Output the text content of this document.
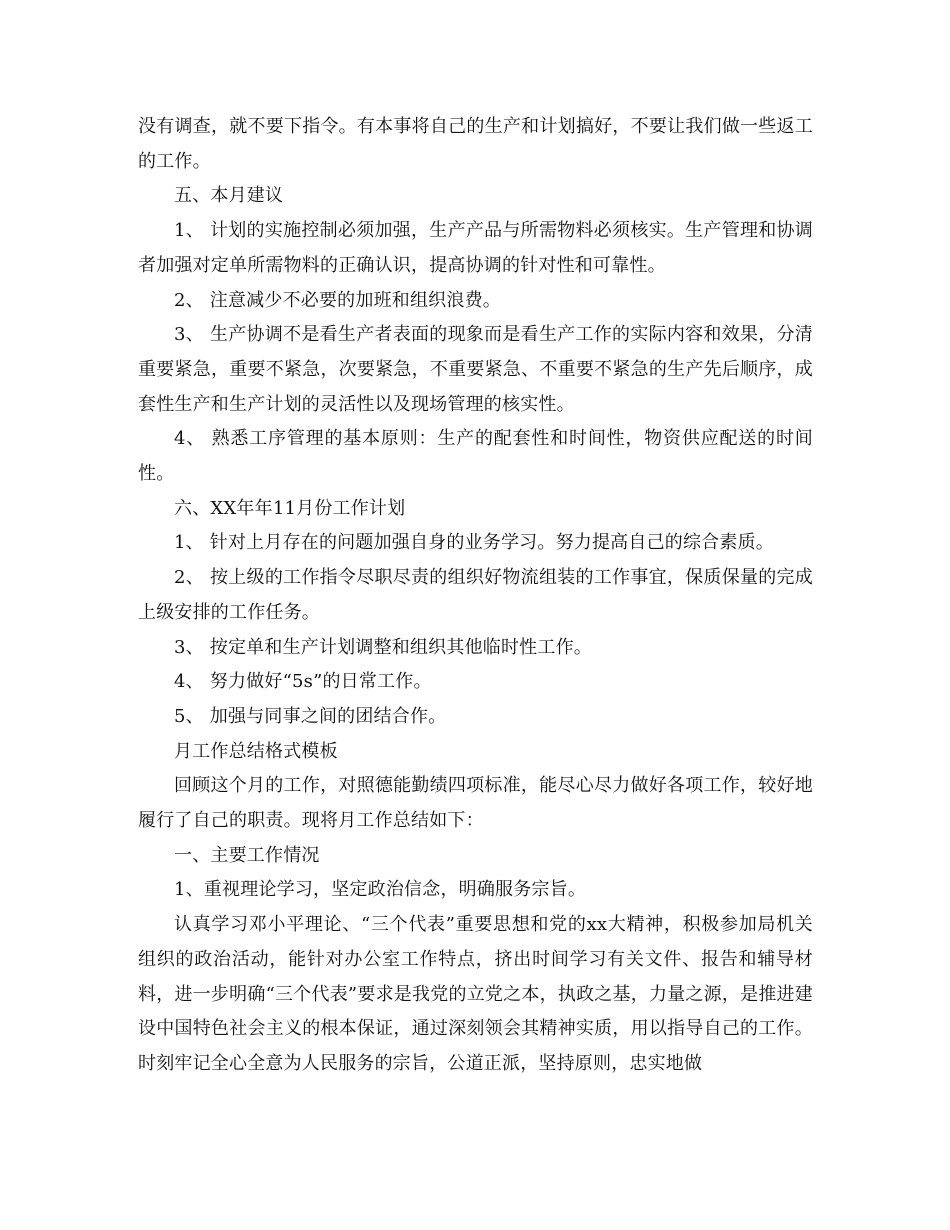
没有调查，就不要下指令。有本事将自己的生产和计划搞好，不要让我们做一些返工的工作。

五、本月建议

1、 计划的实施控制必须加强，生产产品与所需物料必须核实。生产管理和协调者加强对定单所需物料的正确认识，提高协调的针对性和可靠性。

2、 注意减少不必要的加班和组织浪费。

3、 生产协调不是看生产者表面的现象而是看生产工作的实际内容和效果，分清重要紧急，重要不紧急，次要紧急，不重要紧急、不重要不紧急的生产先后顺序，成套性生产和生产计划的灵活性以及现场管理的核实性。

4、 熟悉工序管理的基本原则：生产的配套性和时间性，物资供应配送的时间性。

六、XX年年11月份工作计划

1、 针对上月存在的问题加强自身的业务学习。努力提高自己的综合素质。

2、 按上级的工作指令尽职尽责的组织好物流组装的工作事宜，保质保量的完成上级安排的工作任务。

3、 按定单和生产计划调整和组织其他临时性工作。

4、 努力做好“5s”的日常工作。

5、 加强与同事之间的团结合作。

月工作总结格式模板

回顾这个月的工作，对照德能勤绩四项标准，能尽心尽力做好各项工作，较好地履行了自己的职责。现将月工作总结如下：

一、主要工作情况

1、重视理论学习，坚定政治信念，明确服务宗旨。

认真学习邓小平理论、“三个代表”重要思想和党的xx大精神，积极参加局机关组织的政治活动，能针对办公室工作特点，挤出时间学习有关文件、报告和辅导材料，进一步明确“三个代表”要求是我党的立党之本，执政之基，力量之源，是推进建设中国特色社会主义的根本保证，通过深刻领会其精神实质，用以指导自己的工作。时刻牢记全心全意为人民服务的宗旨，公道正派，坚持原则，忠实地做
